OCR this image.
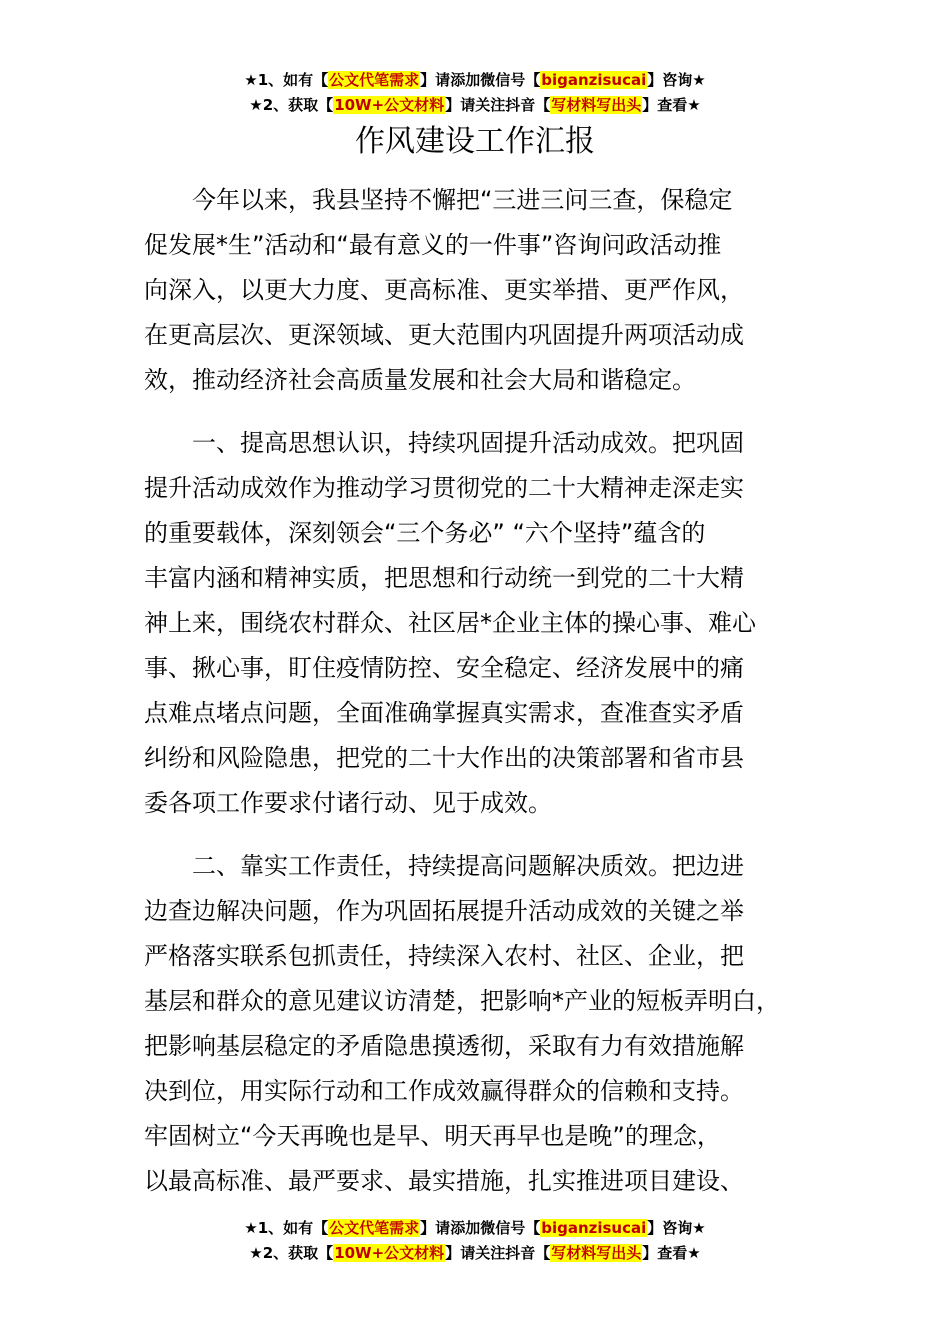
★1、如有【公文代笔需求】请添加微信号【biganzisucai】咨询★
★2、获取【10W+公文材料】请关注抖音【写材料写出头】查看★
作风建设工作汇报
今年以来，我县坚持不懈把“三进三问三查，保稳定
促发展*生”活动和“最有意义的一件事”咨询问政活动推
向深入，以更大力度、更高标准、更实举措、更严作风，
在更高层次、更深领域、更大范围内巩固提升两项活动成
效，推动经济社会高质量发展和社会大局和谐稳定。
一、提高思想认识，持续巩固提升活动成效。把巩固
提升活动成效作为推动学习贯彻党的二十大精神走深走实
的重要载体，深刻领会“三个务必” “六个坚持”蕴含的
丰富内涵和精神实质，把思想和行动统一到党的二十大精
神上来，围绕农村群众、社区居*企业主体的操心事、难心
事、揪心事，盯住疫情防控、安全稳定、经济发展中的痛
点难点堵点问题，全面准确掌握真实需求，查准查实矛盾
纠纷和风险隐患，把党的二十大作出的决策部署和省市县
委各项工作要求付诸行动、见于成效。
二、靠实工作责任，持续提高问题解决质效。把边进
边查边解决问题，作为巩固拓展提升活动成效的关键之举
严格落实联系包抓责任，持续深入农村、社区、企业，把
基层和群众的意见建议访清楚，把影响*产业的短板弄明白，
把影响基层稳定的矛盾隐患摸透彻，采取有力有效措施解
决到位，用实际行动和工作成效赢得群众的信赖和支持。
牢固树立“今天再晚也是早、明天再早也是晚”的理念，
以最高标准、最严要求、最实措施，扎实推进项目建设、
★1、如有【公文代笔需求】请添加微信号【biganzisucai】咨询★
★2、获取【10W+公文材料】请关注抖音【写材料写出头】查看★
